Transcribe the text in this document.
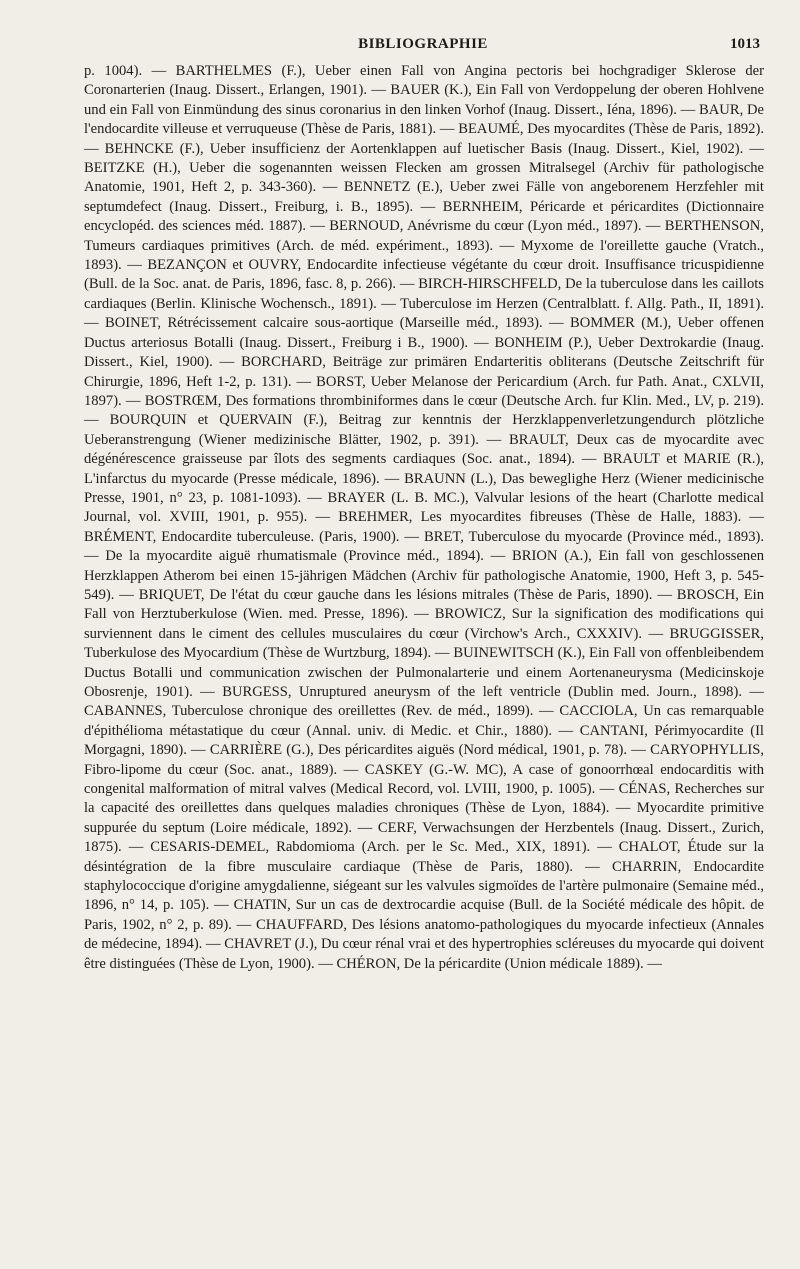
BIBLIOGRAPHIE	1013

p. 1004). — BARTHELMES (F.), Ueber einen Fall von Angina pectoris bei hochgradiger Sklerose der Coronarterien (Inaug. Dissert., Erlangen, 1901). — BAUER (K.), Ein Fall von Verdoppelung der oberen Hohlvene und ein Fall von Einmündung des sinus coronarius in den linken Vorhof (Inaug. Dissert., Iéna, 1896). — BAUR, De l'endocardite villeuse et verruqueuse (Thèse de Paris, 1881). — BEAUMÉ, Des myocardites (Thèse de Paris, 1892). — BEHNCKE (F.), Ueber insufficienz der Aortenklappen auf luetischer Basis (Inaug. Dissert., Kiel, 1902). — BEITZKE (H.), Ueber die sogenannten weissen Flecken am grossen Mitralsegel (Archiv für pathologische Anatomie, 1901, Heft 2, p. 343-360). — BENNETZ (E.), Ueber zwei Fälle von angeborenem Herzfehler mit septumdefect (Inaug. Dissert., Freiburg, i. B., 1895). — BERNHEIM, Péricarde et péricardites (Dictionnaire encyclopéd. des sciences méd. 1887). — BERNOUD, Anévrisme du cœur (Lyon méd., 1897). — BERTHENSON, Tumeurs cardiaques primitives (Arch. de méd. expériment., 1893). — Myxome de l'oreillette gauche (Vratch., 1893). — BEZANÇON et OUVRY, Endocardite infectieuse végétante du cœur droit. Insuffisance tricuspidienne (Bull. de la Soc. anat. de Paris, 1896, fasc. 8, p. 266). — BIRCH-HIRSCHFELD, De la tuberculose dans les caillots cardiaques (Berlin. Klinische Wochensch., 1891). — Tuberculose im Herzen (Centralblatt. f. Allg. Path., II, 1891). — BOINET, Rétrécissement calcaire sous-aortique (Marseille méd., 1893). — BOMMER (M.), Ueber offenen Ductus arteriosus Botalli (Inaug. Dissert., Freiburg i B., 1900). — BONHEIM (P.), Ueber Dextrokardie (Inaug. Dissert., Kiel, 1900). — BORCHARD, Beiträge zur primären Endarteritis obliterans (Deutsche Zeitschrift für Chirurgie, 1896, Heft 1-2, p. 131). — BORST, Ueber Melanose der Pericardium (Arch. fur Path. Anat., CXLVII, 1897). — BOSTRŒM, Des formations thrombiniformes dans le cœur (Deutsche Arch. fur Klin. Med., LV, p. 219). — BOURQUIN et QUERVAIN (F.), Beitrag zur kenntnis der Herzklappenverletzungendurch plötzliche Ueberanstrengung (Wiener medizinische Blätter, 1902, p. 391). — BRAULT, Deux cas de myocardite avec dégénérescence graisseuse par îlots des segments cardiaques (Soc. anat., 1894). — BRAULT et MARIE (R.), L'infarctus du myocarde (Presse médicale, 1896). — BRAUNN (L.), Das beweglighe Herz (Wiener medicinische Presse, 1901, n° 23, p. 1081-1093). — BRAYER (L. B. MC.), Valvular lesions of the heart (Charlotte medical Journal, vol. XVIII, 1901, p. 955). — BREHMER, Les myocardites fibreuses (Thèse de Halle, 1883). — BRÉMENT, Endocardite tuberculeuse. (Paris, 1900). — BRET, Tuberculose du myocarde (Province méd., 1893). — De la myocardite aiguë rhumatismale (Province méd., 1894). — BRION (A.), Ein fall von geschlossenen Herzklappen Atherom bei einen 15-jährigen Mädchen (Archiv für pathologische Anatomie, 1900, Heft 3, p. 545-549). — BRIQUET, De l'état du cœur gauche dans les lésions mitrales (Thèse de Paris, 1890). — BROSCH, Ein Fall von Herztuberkulose (Wien. med. Presse, 1896). — BROWICZ, Sur la signification des modifications qui surviennent dans le ciment des cellules musculaires du cœur (Virchow's Arch., CXXXIV). — BRUGGISSER, Tuberkulose des Myocardium (Thèse de Wurtzburg, 1894). — BUINEWITSCH (K.), Ein Fall von offenbleibendem Ductus Botalli und communication zwischen der Pulmonalarterie und einem Aortenaneurysma (Medicinskoje Obosrenje, 1901). — BURGESS, Unruptured aneurysm of the left ventricle (Dublin med. Journ., 1898). — CABANNES, Tuberculose chronique des oreillettes (Rev. de méd., 1899). — CACCIOLA, Un cas remarquable d'épithélioma métastatique du cœur (Annal. univ. di Medic. et Chir., 1880). — CANTANI, Périmyocardite (Il Morgagni, 1890). — CARRIÈRE (G.), Des péricardites aiguës (Nord médical, 1901, p. 78). — CARYOPHYLLIS, Fibro-lipome du cœur (Soc. anat., 1889). — CASKEY (G.-W. MC), A case of gonoorrhœal endocarditis with congenital malformation of mitral valves (Medical Record, vol. LVIII, 1900, p. 1005). — CÉNAS, Recherches sur la capacité des oreillettes dans quelques maladies chroniques (Thèse de Lyon, 1884). — Myocardite primitive suppurée du septum (Loire médicale, 1892). — CERF, Verwachsungen der Herzbentels (Inaug. Dissert., Zurich, 1875). — CESARIS-DEMEL, Rabdomioma (Arch. per le Sc. Med., XIX, 1891). — CHALOT, Étude sur la désintégration de la fibre musculaire cardiaque (Thèse de Paris, 1880). — CHARRIN, Endocardite staphylococcique d'origine amygdalienne, siégeant sur les valvules sigmoïdes de l'artère pulmonaire (Semaine méd., 1896, n° 14, p. 105). — CHATIN, Sur un cas de dextrocardie acquise (Bull. de la Société médicale des hôpit. de Paris, 1902, n° 2, p. 89). — CHAUFFARD, Des lésions anatomo-pathologiques du myocarde infectieux (Annales de médecine, 1894). — CHAVRET (J.), Du cœur rénal vrai et des hypertrophies scléreuses du myocarde qui doivent être distinguées (Thèse de Lyon, 1900). — CHÉRON, De la péricardite (Union médicale 1889). —
